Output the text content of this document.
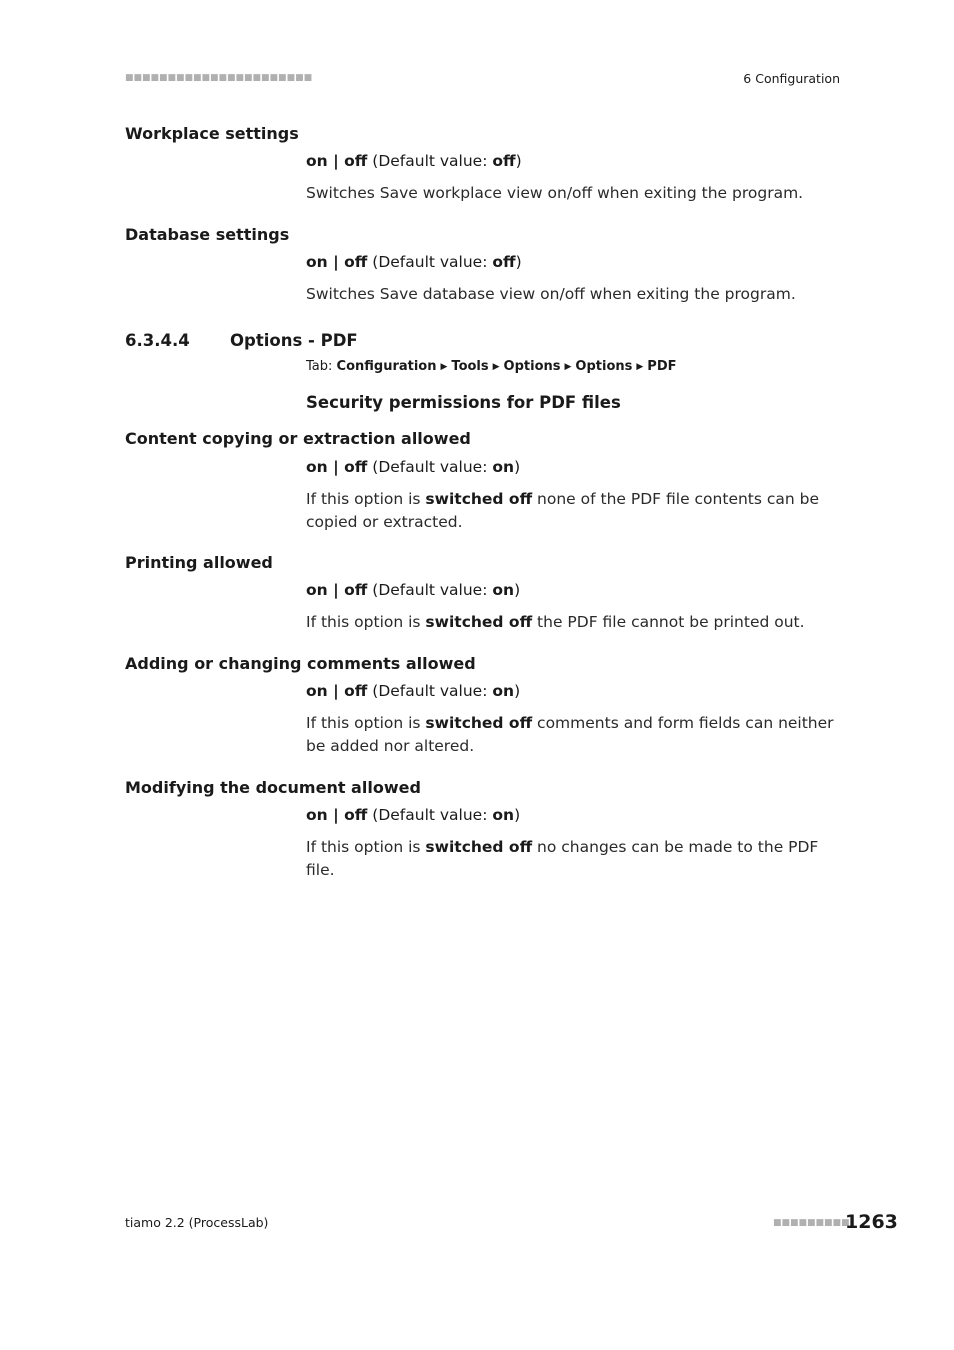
■■■■■■■■■■■■■■■■■■■■■■	6 Configuration
Workplace settings
on | off (Default value: off)
Switches Save workplace view on/off when exiting the program.
Database settings
on | off (Default value: off)
Switches Save database view on/off when exiting the program.
6.3.4.4 Options - PDF
Tab: Configuration ▶ Tools ▶ Options ▶ Options ▶ PDF
Security permissions for PDF files
Content copying or extraction allowed
on | off (Default value: on)
If this option is switched off none of the PDF file contents can be copied or extracted.
Printing allowed
on | off (Default value: on)
If this option is switched off the PDF file cannot be printed out.
Adding or changing comments allowed
on | off (Default value: on)
If this option is switched off comments and form fields can neither be added nor altered.
Modifying the document allowed
on | off (Default value: on)
If this option is switched off no changes can be made to the PDF file.
tiamo 2.2 (ProcessLab)	■■■■■■■■■
1263
